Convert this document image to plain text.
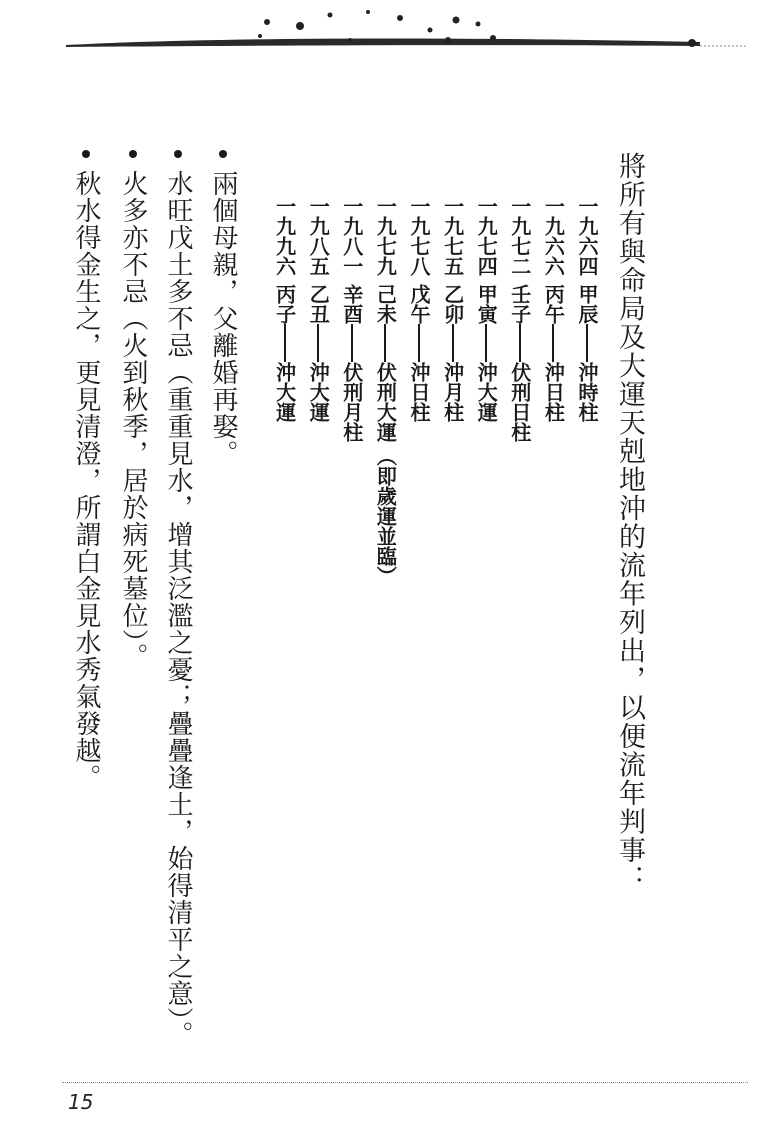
將所有與命局及大運天剋地沖的流年列出，以便流年判事：
一九六四甲辰沖時柱
一九六六丙午沖日柱
一九七二壬子伏刑日柱
一九七四甲寅沖大運
一九七五乙卯沖月柱
一九七八戊午沖日柱
一九七九己未伏刑大運（即歲運並臨）
一九八一辛酉伏刑月柱
一九八五乙丑沖大運
一九九六丙子沖大運
兩個母親，父離婚再娶。
水旺戊土多不忌（重重見水，增其泛濫之憂；疊疊逢土，始得清平之意）。
火多亦不忌（火到秋季，居於病死墓位）。
秋水得金生之，更見清澄，所謂白金見水秀氣發越。
15
